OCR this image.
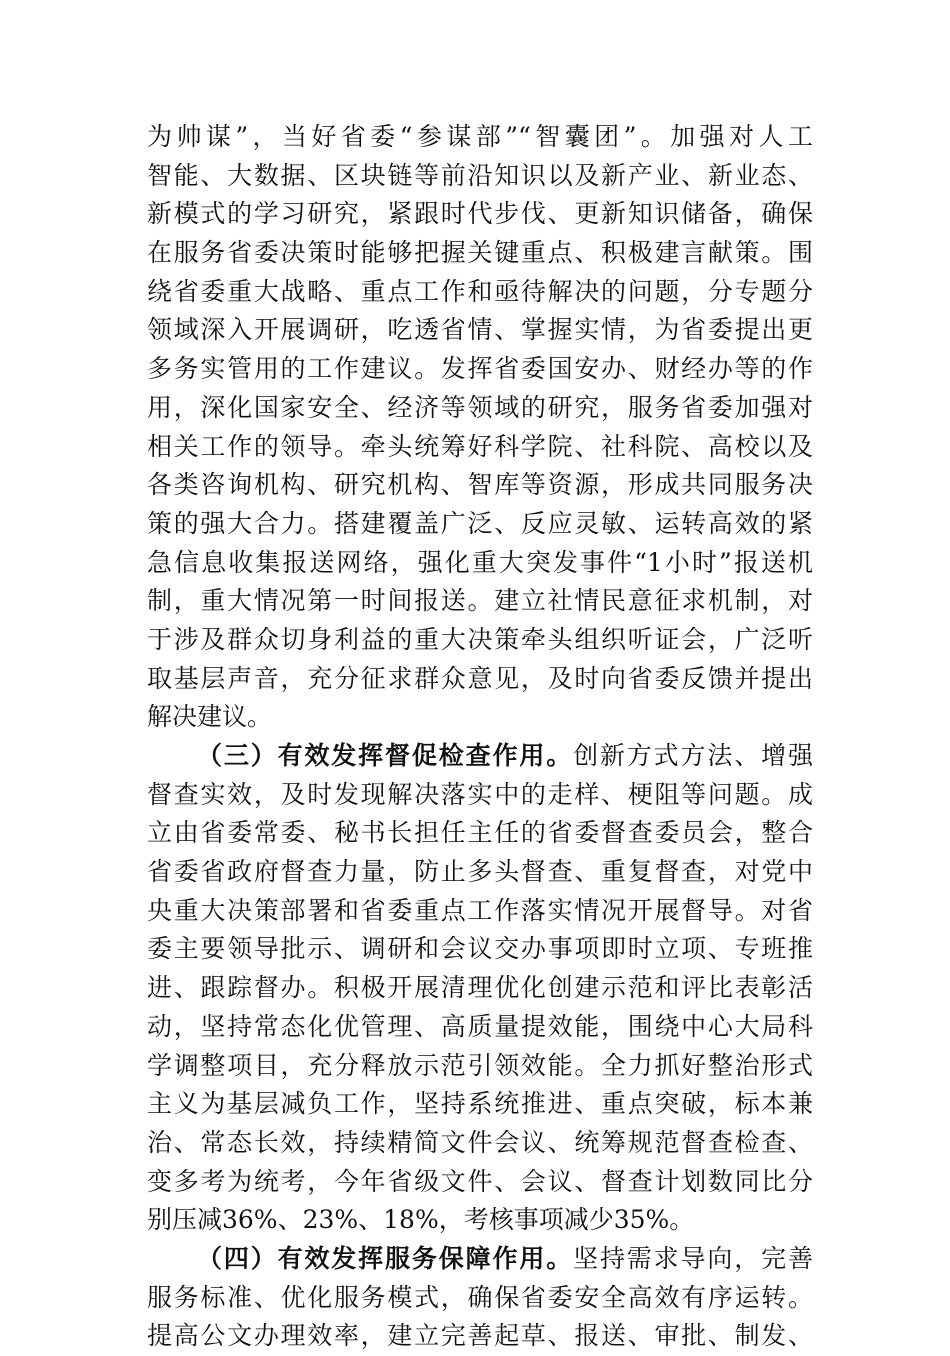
为帅谋”，当好省委“参谋部”“智囊团”。加强对人工
智能、大数据、区块链等前沿知识以及新产业、新业态、
新模式的学习研究，紧跟时代步伐、更新知识储备，确保
在服务省委决策时能够把握关键重点、积极建言献策。围
绕省委重大战略、重点工作和亟待解决的问题，分专题分
领域深入开展调研，吃透省情、掌握实情，为省委提出更
多务实管用的工作建议。发挥省委国安办、财经办等的作
用，深化国家安全、经济等领域的研究，服务省委加强对
相关工作的领导。牵头统筹好科学院、社科院、高校以及
各类咨询机构、研究机构、智库等资源，形成共同服务决
策的强大合力。搭建覆盖广泛、反应灵敏、运转高效的紧
急信息收集报送网络，强化重大突发事件“1小时”报送机
制，重大情况第一时间报送。建立社情民意征求机制，对
于涉及群众切身利益的重大决策牵头组织听证会，广泛听
取基层声音，充分征求群众意见，及时向省委反馈并提出
解决建议。
（三）有效发挥督促检查作用。创新方式方法、增强
督查实效，及时发现解决落实中的走样、梗阻等问题。成
立由省委常委、秘书长担任主任的省委督查委员会，整合
省委省政府督查力量，防止多头督查、重复督查，对党中
央重大决策部署和省委重点工作落实情况开展督导。对省
委主要领导批示、调研和会议交办事项即时立项、专班推
进、跟踪督办。积极开展清理优化创建示范和评比表彰活
动，坚持常态化优管理、高质量提效能，围绕中心大局科
学调整项目，充分释放示范引领效能。全力抓好整治形式
主义为基层减负工作，坚持系统推进、重点突破，标本兼
治、常态长效，持续精简文件会议、统筹规范督查检查、
变多考为统考，今年省级文件、会议、督查计划数同比分
别压减36%、23%、18%，考核事项减少35%。
（四）有效发挥服务保障作用。坚持需求导向，完善
服务标准、优化服务模式，确保省委安全高效有序运转。
提高公文办理效率，建立完善起草、报送、审批、制发、
